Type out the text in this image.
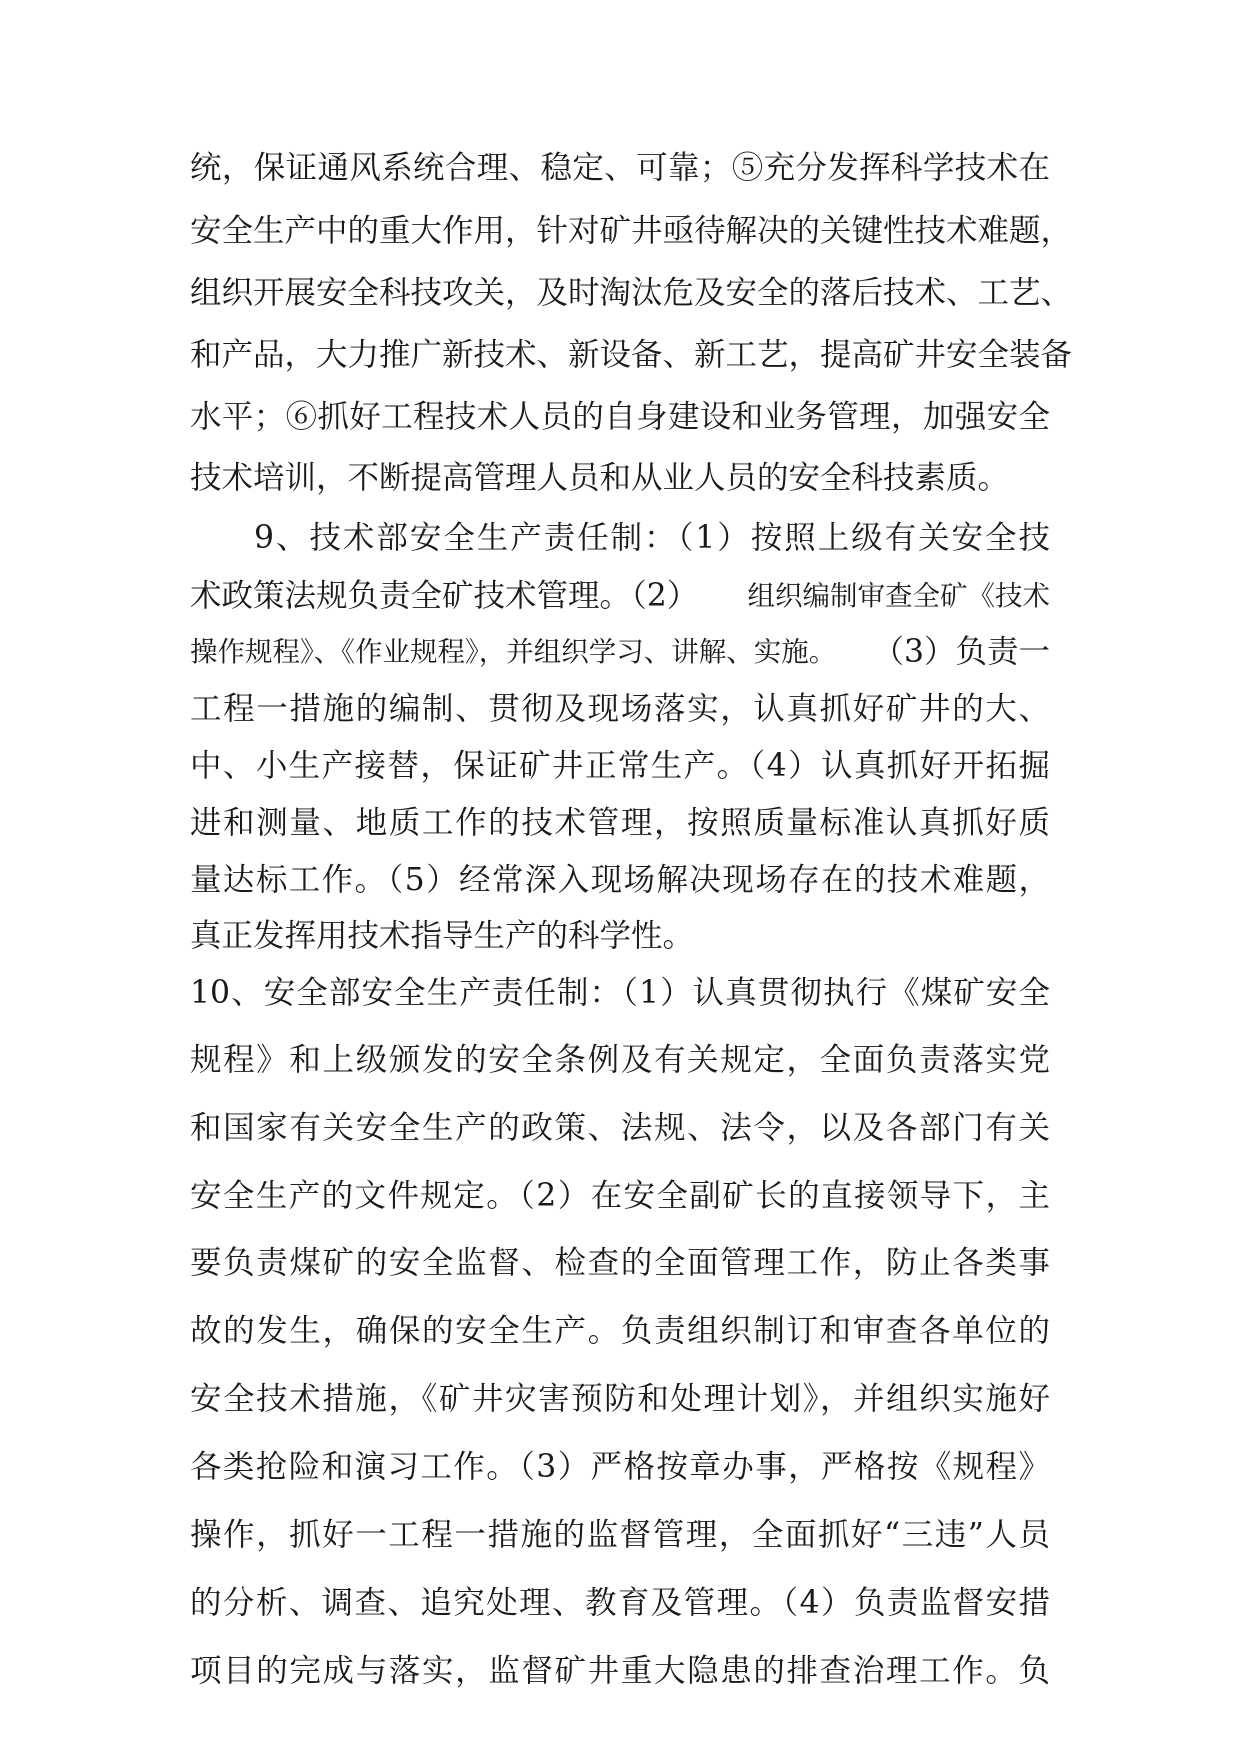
统，保证通风系统合理、稳定、可靠；⑤充分发挥科学技术在
安全生产中的重大作用，针对矿井亟待解决的关键性技术难题，
组织开展安全科技攻关，及时淘汰危及安全的落后技术、工艺、
和产品，大力推广新技术、新设备、新工艺，提高矿井安全装备
水平；⑥抓好工程技术人员的自身建设和业务管理，加强安全
技术培训，不断提高管理人员和从业人员的安全科技素质。
9、技术部安全生产责任制：（1）按照上级有关安全技
术政策法规负责全矿技术管理。（2） 组织编制审查全矿《技术
操作规程》、《作业规程》，并组织学习、讲解、实施。 （3）负责一
工程一措施的编制、贯彻及现场落实，认真抓好矿井的大、
中、小生产接替，保证矿井正常生产。（4）认真抓好开拓掘
进和测量、地质工作的技术管理，按照质量标准认真抓好质
量达标工作。（5）经常深入现场解决现场存在的技术难题，
真正发挥用技术指导生产的科学性。
10、安全部安全生产责任制：（1）认真贯彻执行《煤矿安全
规程》和上级颁发的安全条例及有关规定，全面负责落实党
和国家有关安全生产的政策、法规、法令，以及各部门有关
安全生产的文件规定。（2）在安全副矿长的直接领导下，主
要负责煤矿的安全监督、检查的全面管理工作，防止各类事
故的发生，确保的安全生产。负责组织制订和审查各单位的
安全技术措施，《矿井灾害预防和处理计划》，并组织实施好
各类抢险和演习工作。（3）严格按章办事，严格按《规程》
操作，抓好一工程一措施的监督管理，全面抓好“三违”人员
的分析、调查、追究处理、教育及管理。（4）负责监督安措
项目的完成与落实，监督矿井重大隐患的排查治理工作。负
